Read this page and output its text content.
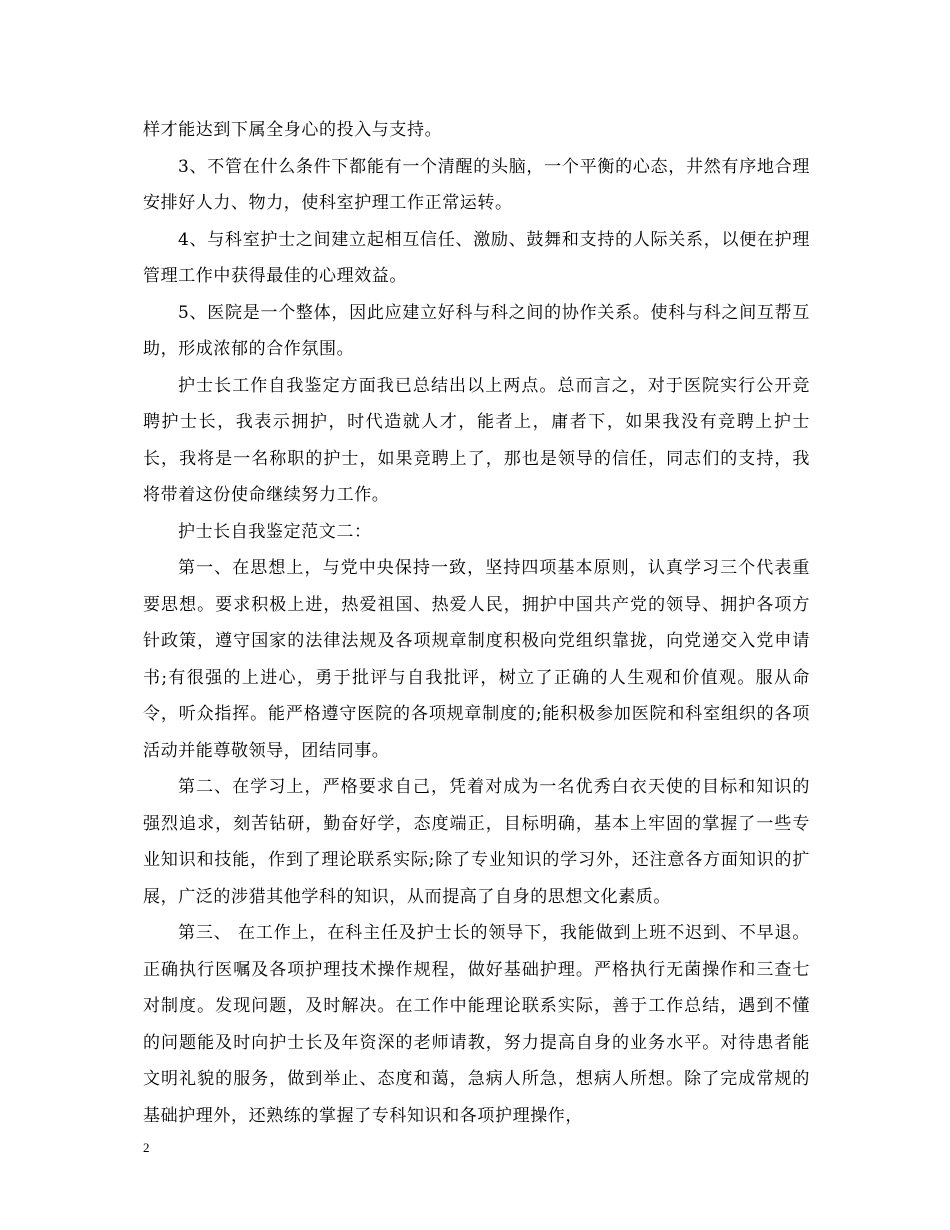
样才能达到下属全身心的投入与支持。

3、不管在什么条件下都能有一个清醒的头脑，一个平衡的心态，井然有序地合理安排好人力、物力，使科室护理工作正常运转。

4、与科室护士之间建立起相互信任、激励、鼓舞和支持的人际关系，以便在护理管理工作中获得最佳的心理效益。

5、医院是一个整体，因此应建立好科与科之间的协作关系。使科与科之间互帮互助，形成浓郁的合作氛围。

护士长工作自我鉴定方面我已总结出以上两点。总而言之，对于医院实行公开竞聘护士长，我表示拥护，时代造就人才，能者上，庸者下，如果我没有竞聘上护士长，我将是一名称职的护士，如果竞聘上了，那也是领导的信任，同志们的支持，我将带着这份使命继续努力工作。

护士长自我鉴定范文二：

第一、在思想上，与党中央保持一致，坚持四项基本原则，认真学习三个代表重要思想。要求积极上进，热爱祖国、热爱人民，拥护中国共产党的领导、拥护各项方针政策，遵守国家的法律法规及各项规章制度积极向党组织靠拢，向党递交入党申请书;有很强的上进心，勇于批评与自我批评，树立了正确的人生观和价值观。服从命令，听众指挥。能严格遵守医院的各项规章制度的;能积极参加医院和科室组织的各项活动并能尊敬领导，团结同事。

第二、在学习上，严格要求自己，凭着对成为一名优秀白衣天使的目标和知识的强烈追求，刻苦钻研，勤奋好学，态度端正，目标明确，基本上牢固的掌握了一些专业知识和技能，作到了理论联系实际;除了专业知识的学习外，还注意各方面知识的扩展，广泛的涉猎其他学科的知识，从而提高了自身的思想文化素质。

第三、 在工作上，在科主任及护士长的领导下，我能做到上班不迟到、不早退。正确执行医嘱及各项护理技术操作规程，做好基础护理。严格执行无菌操作和三查七对制度。发现问题，及时解决。在工作中能理论联系实际，善于工作总结，遇到不懂的问题能及时向护士长及年资深的老师请教，努力提高自身的业务水平。对待患者能文明礼貌的服务，做到举止、态度和蔼，急病人所急，想病人所想。除了完成常规的基础护理外，还熟练的掌握了专科知识和各项护理操作，

2
